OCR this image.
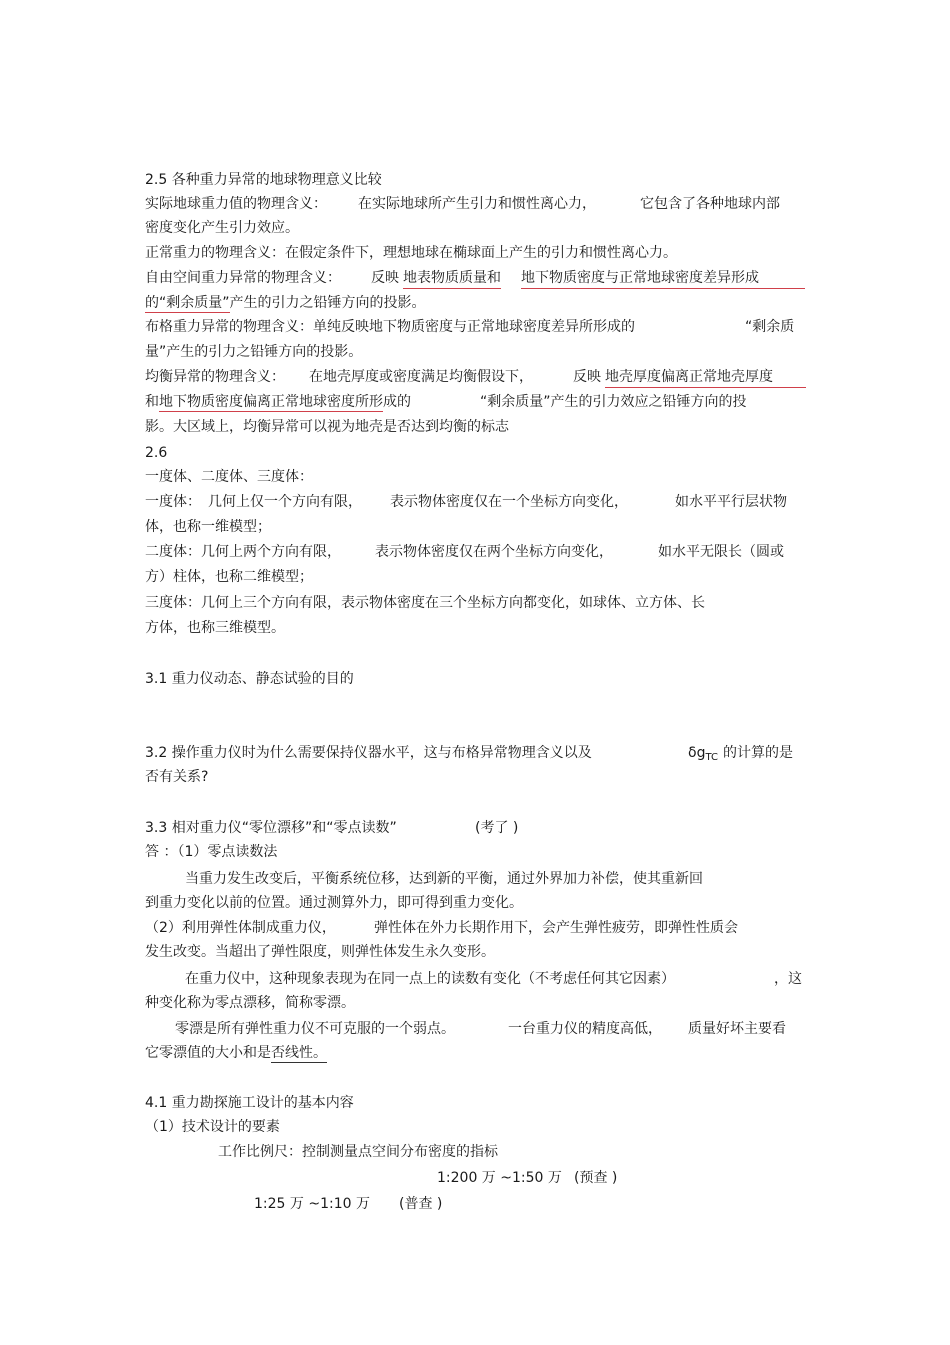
2.5 各种重力异常的地球物理意义比较
实际地球重力值的物理含义： 在实际地球所产生引力和惯性离心力，	它包含了各种地球内部
密度变化产生引力效应。
正常重力的物理含义：在假定条件下，理想地球在椭球面上产生的引力和惯性离心力。
自由空间重力异常的物理含义： 反映 地表物质质量和 地下物质密度与正常地球密度差异形成
的“剩余质量”产生的引力之铅锤方向的投影。
布格重力异常的物理含义：单纯反映地下物质密度与正常地球密度差异所形成的	“剩余质
量”产生的引力之铅锤方向的投影。
均衡异常的物理含义： 在地壳厚度或密度满足均衡假设下，	反映 地壳厚度偏离正常地壳厚度
和地下物质密度偏离正常地球密度所形成的	“剩余质量”产生的引力效应之铅锤方向的投
影。大区域上，均衡异常可以视为地壳是否达到均衡的标志
2.6
一度体、二度体、三度体：
一度体： 几何上仅一个方向有限， 表示物体密度仅在一个坐标方向变化，	如水平平行层状物
体，也称一维模型；
二度体：几何上两个方向有限， 表示物体密度仅在两个坐标方向变化，	如水平无限长（圆或
方）柱体，也称二维模型；
三度体：几何上三个方向有限，表示物体密度在三个坐标方向都变化，如球体、立方体、长
方体，也称三维模型。
3.1 重力仪动态、静态试验的目的
3.2 操作重力仪时为什么需要保持仪器水平，这与布格异常物理含义以及	$\delta g_{TC}$ 的计算的是
否有关系?
3.3 相对重力仪“零位漂移”和“零点读数”	(考了 )
答 ：（1）零点读数法
当重力发生改变后，平衡系统位移，达到新的平衡，通过外界加力补偿，使其重新回
到重力变化以前的位置。通过测算外力，即可得到重力变化。
（2）利用弹性体制成重力仪，	弹性体在外力长期作用下，会产生弹性疲劳，即弹性性质会
发生改变。当超出了弹性限度，则弹性体发生永久变形。
在重力仪中，这种现象表现为在同一点上的读数有变化（不考虑任何其它因素）	，这
种变化称为零点漂移，简称零漂。
零漂是所有弹性重力仪不可克服的一个弱点。	一台重力仪的精度高低， 质量好坏主要看
它零漂值的大小和是否线性。
4.1 重力勘探施工设计的基本内容
（1）技术设计的要素
工作比例尺：控制测量点空间分布密度的指标
1:200 万 ~1:50 万 (预查 )
1:25 万 ~1:10 万 (普查 )
